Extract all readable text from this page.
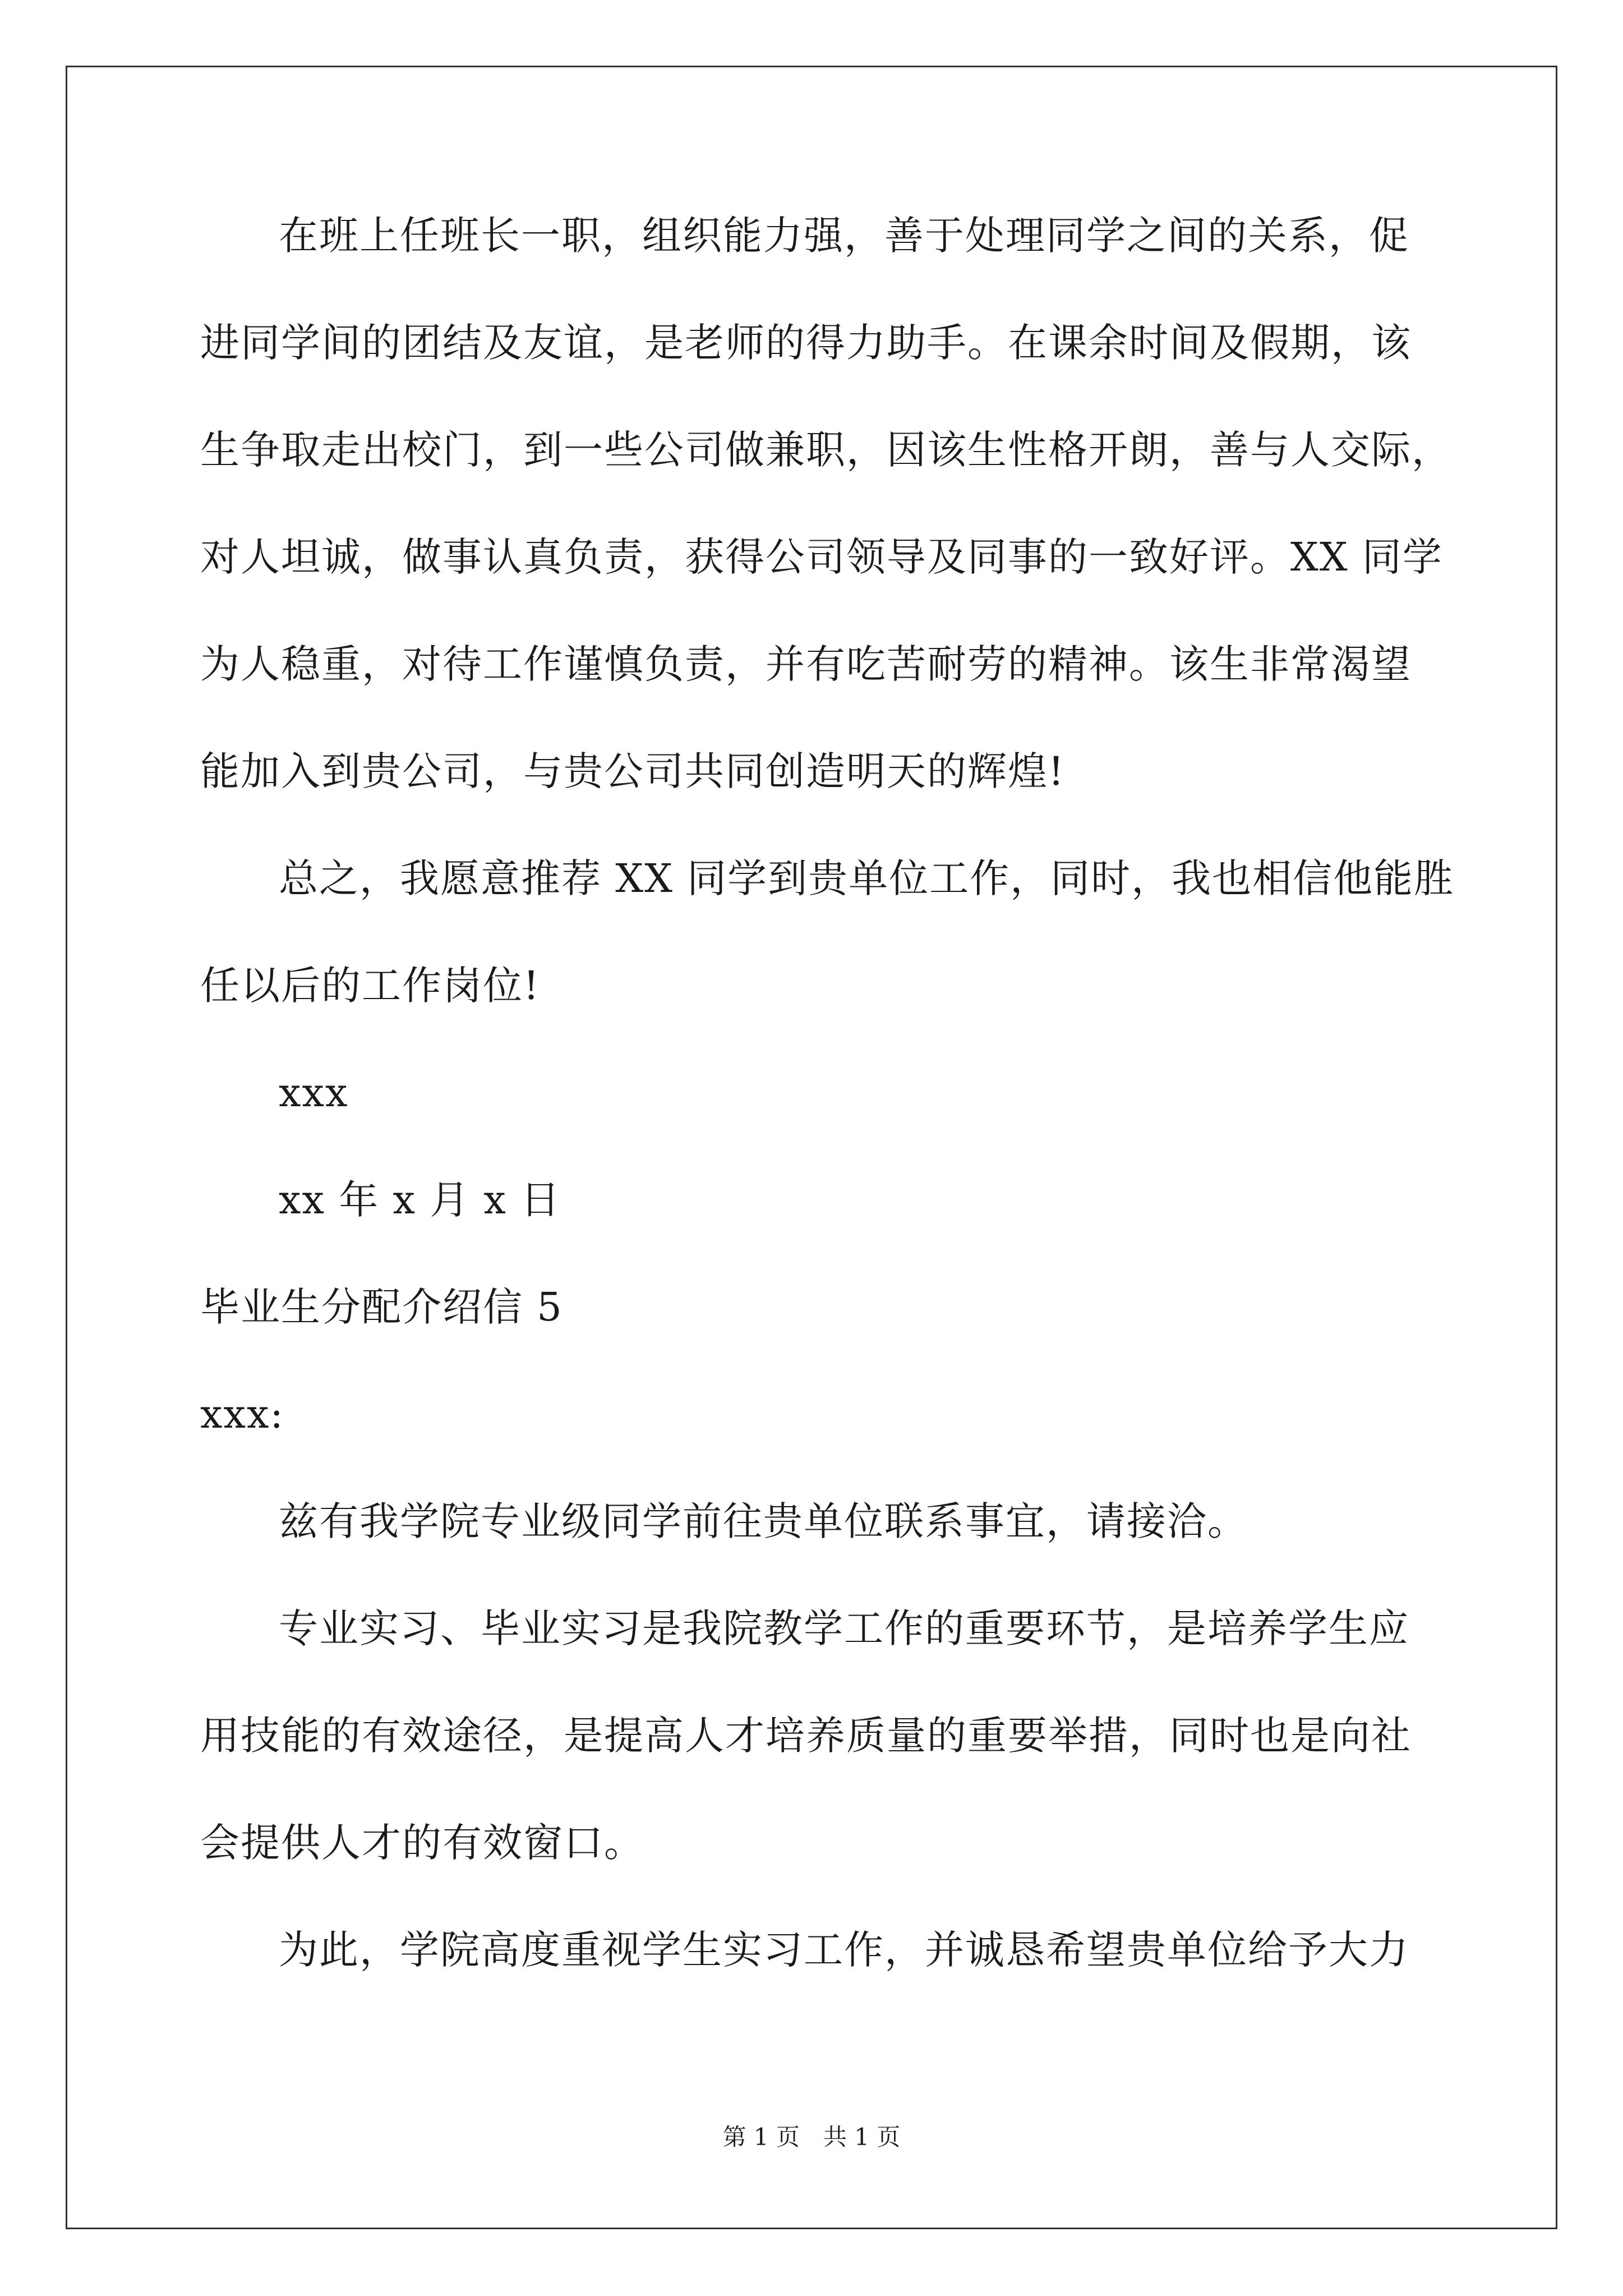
在班上任班长一职，组织能力强，善于处理同学之间的关系，促
进同学间的团结及友谊，是老师的得力助手。在课余时间及假期，该
生争取走出校门，到一些公司做兼职，因该生性格开朗，善与人交际，
对人坦诚，做事认真负责，获得公司领导及同事的一致好评。XX 同学
为人稳重，对待工作谨慎负责，并有吃苦耐劳的精神。该生非常渴望
能加入到贵公司，与贵公司共同创造明天的辉煌!
总之，我愿意推荐 XX 同学到贵单位工作，同时，我也相信他能胜
任以后的工作岗位!
xxx
xx 年 x 月 x 日
毕业生分配介绍信 5
xxx:
兹有我学院专业级同学前往贵单位联系事宜，请接洽。
专业实习、毕业实习是我院教学工作的重要环节，是培养学生应
用技能的有效途径，是提高人才培养质量的重要举措，同时也是向社
会提供人才的有效窗口。
为此，学院高度重视学生实习工作，并诚恳希望贵单位给予大力
第 1 页　共 1 页
